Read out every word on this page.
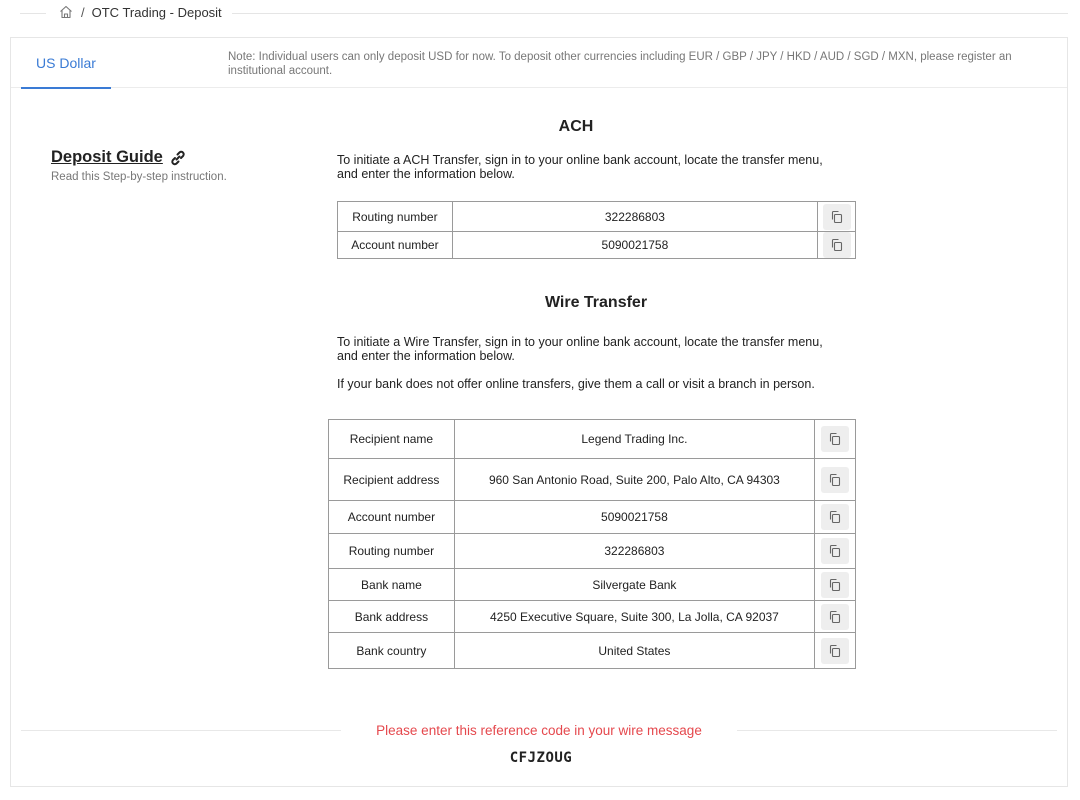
/ OTC Trading - Deposit
US Dollar	Note: Individual users can only deposit USD for now. To deposit other currencies including EUR / GBP / JPY / HKD / AUD / SGD / MXN, please register an institutional account.
Deposit Guide
Read this Step-by-step instruction.
ACH
To initiate a ACH Transfer, sign in to your online bank account, locate the transfer menu, and enter the information below.
Routing number	322286803	

Account number	5090021758	
Wire Transfer
To initiate a Wire Transfer, sign in to your online bank account, locate the transfer menu, and enter the information below.
If your bank does not offer online transfers, give them a call or visit a branch in person.
Recipient name	Legend Trading Inc.	

Recipient address	960 San Antonio Road, Suite 200, Palo Alto, CA 94303	

Account number	5090021758	

Routing number	322286803	

Bank name	Silvergate Bank	

Bank address	4250 Executive Square, Suite 300, La Jolla, CA 92037	

Bank country	United States	
Please enter this reference code in your wire message
CFJZOUG
